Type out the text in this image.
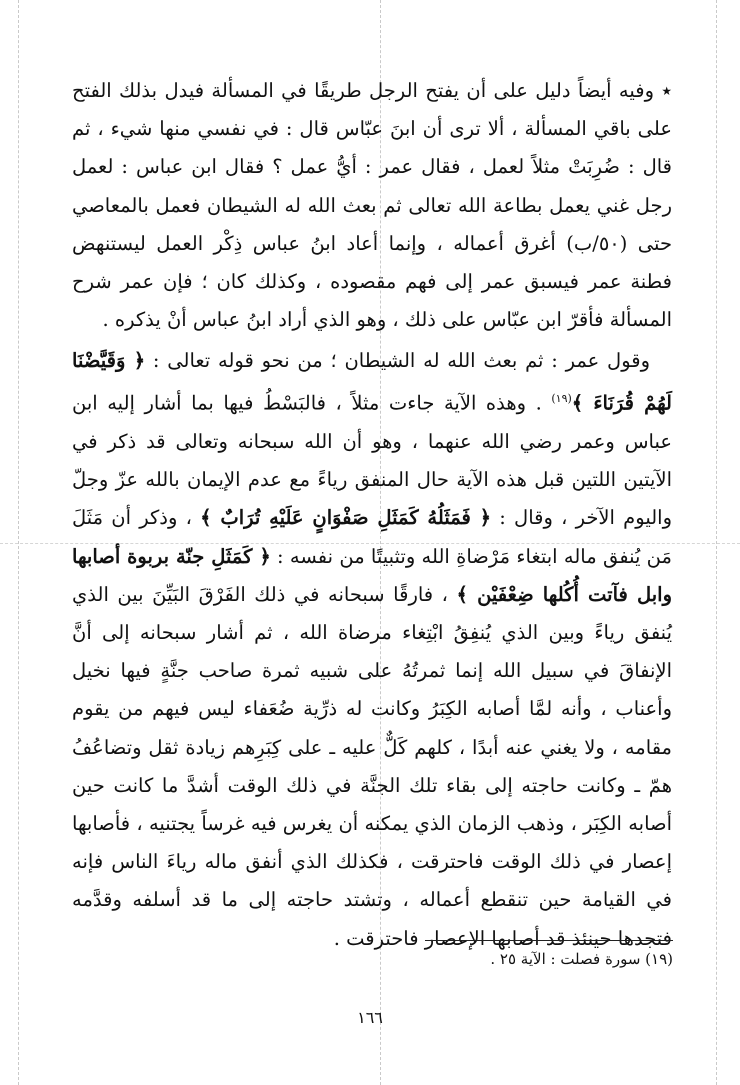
٭ وفيه أيضاً دليل على أن يفتح الرجل طريقًا في المسألة فيدل بذلك الفتح على باقي المسألة ، ألا ترى أن ابنَ عبّاس قال : في نفسي منها شيء ، ثم قال : ضُرِبَتْ مثلاً لعمل ، فقال عمر : أيُّ عمل ؟ فقال ابن عباس : لعمل رجل غني يعمل بطاعة الله تعالى ثم بعث الله له الشيطان فعمل بالمعاصي حتى (٥٠/ب) أغرق أعماله ، وإنما أعاد ابنُ عباس ذِكْر العمل ليستنهض فطنة عمر فيسبق عمر إلى فهم مقصوده ، وكذلك كان ؛ فإن عمر شرح المسألة فأقرّ ابن عبّاس على ذلك ، وهو الذي أراد ابنُ عباس أنْ يذكره .

وقول عمر : ثم بعث الله له الشيطان ؛ من نحو قوله تعالى : ﴿ وَقَيَّضْنَا لَهُمْ قُرَنَاءَ ﴾$^{(١٩)}$ . وهذه الآية جاءت مثلاً ، فالبَسْطُ فيها بما أشار إليه ابن عباس وعمر رضي الله عنهما ، وهو أن الله سبحانه وتعالى قد ذكر في الآيتين اللتين قبل هذه الآية حال المنفق رياءً مع عدم الإيمان بالله عزّ وجلّ واليوم الآخر ، وقال : ﴿ فَمَثَلُهُ كَمَثَلِ صَفْوَانٍ عَلَيْهِ تُرَابٌ ﴾ ، وذكر أن مَثَلَ مَن يُنفق ماله ابتغاء مَرْضاةِ الله وتثبيتًا من نفسه : ﴿ كَمَثَلِ جنّة بربوة أصابها وابل فآتت أُكُلها ضِعْفَيْن ﴾ ، فارقًا سبحانه في ذلك الفَرْقَ البَيِّنَ بين الذي يُنفق رياءً وبين الذي يُنفِقُ ابْتِغاء مرضاة الله ، ثم أشار سبحانه إلى أنَّ الإنفاقَ في سبيل الله إنما ثمرتُهُ على شبيه ثمرة صاحب جنَّةٍ فيها نخيل وأعناب ، وأنه لمَّا أصابه الكِبَرُ وكانت له ذرِّية ضُعَفاء ليس فيهم من يقوم مقامه ، ولا يغني عنه أبدًا ، كلهم كَلٌّ عليه ـ على كِبَرِهم زيادة ثقل وتضاعُفُ همّ ـ وكانت حاجته إلى بقاء تلك الجنَّة في ذلك الوقت أشدَّ ما كانت حين أصابه الكِبَر ، وذهب الزمان الذي يمكنه أن يغرس فيه غرساً يجتنيه ، فأصابها إعصار في ذلك الوقت فاحترقت ، فكذلك الذي أنفق ماله رياءَ الناس فإنه في القيامة حين تنقطع أعماله ، وتشتد حاجته إلى ما قد أسلفه وقدَّمه فتجدها حينئذ قد أصابها الإعصار فاحترقت .

(١٩) سورة فصلت : الآية ٢٥ .
١٦٦
